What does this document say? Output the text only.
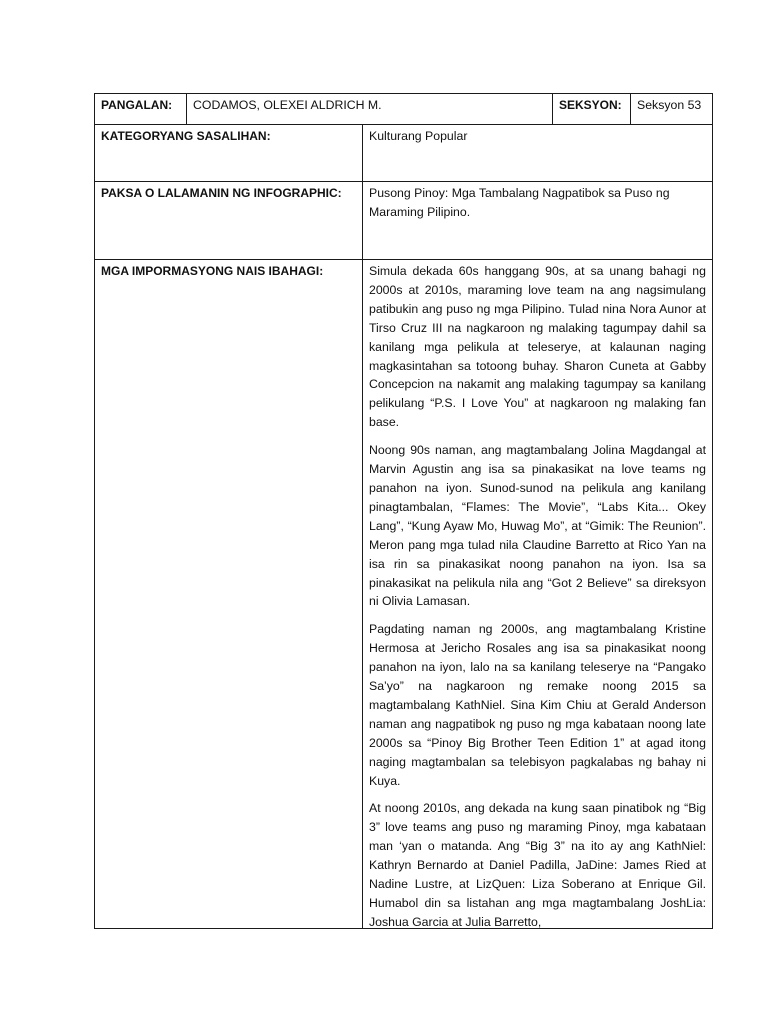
PANGALAN:	CODAMOS, OLEXEI ALDRICH M.	SEKSYON:	Seksyon 53
KATEGORYANG SASALIHAN:	Kulturang Popular
PAKSA O LALAMANIN NG INFOGRAPHIC:	Pusong Pinoy: Mga Tambalang Nagpatibok sa Puso ng Maraming Pilipino.
MGA IMPORMASYONG NAIS IBAHAGI:	Simula dekada 60s hanggang 90s, at sa unang bahagi ng 2000s at 2010s, maraming love team na ang nagsimulang patibukin ang puso ng mga Pilipino. Tulad nina Nora Aunor at Tirso Cruz III na nagkaroon ng malaking tagumpay dahil sa kanilang mga pelikula at teleserye, at kalaunan naging magkasintahan sa totoong buhay. Sharon Cuneta at Gabby Concepcion na nakamit ang malaking tagumpay sa kanilang pelikulang “P.S. I Love You” at nagkaroon ng malaking fan base.

Noong 90s naman, ang magtambalang Jolina Magdangal at Marvin Agustin ang isa sa pinakasikat na love teams ng panahon na iyon. Sunod-sunod na pelikula ang kanilang pinagtambalan, “Flames: The Movie”, “Labs Kita... Okey Lang”, “Kung Ayaw Mo, Huwag Mo”, at “Gimik: The Reunion”. Meron pang mga tulad nila Claudine Barretto at Rico Yan na isa rin sa pinakasikat noong panahon na iyon. Isa sa pinakasikat na pelikula nila ang “Got 2 Believe” sa direksyon ni Olivia Lamasan.

Pagdating naman ng 2000s, ang magtambalang Kristine Hermosa at Jericho Rosales ang isa sa pinakasikat noong panahon na iyon, lalo na sa kanilang teleserye na “Pangako Sa’yo” na nagkaroon ng remake noong 2015 sa magtambalang KathNiel. Sina Kim Chiu at Gerald Anderson naman ang nagpatibok ng puso ng mga kabataan noong late 2000s sa “Pinoy Big Brother Teen Edition 1” at agad itong naging magtambalan sa telebisyon pagkalabas ng bahay ni Kuya.

At noong 2010s, ang dekada na kung saan pinatibok ng “Big 3” love teams ang puso ng maraming Pinoy, mga kabataan man ‘yan o matanda. Ang “Big 3” na ito ay ang KathNiel: Kathryn Bernardo at Daniel Padilla, JaDine: James Ried at Nadine Lustre, at LizQuen: Liza Soberano at Enrique Gil. Humabol din sa listahan ang mga magtambalang JoshLia: Joshua Garcia at Julia Barretto,
